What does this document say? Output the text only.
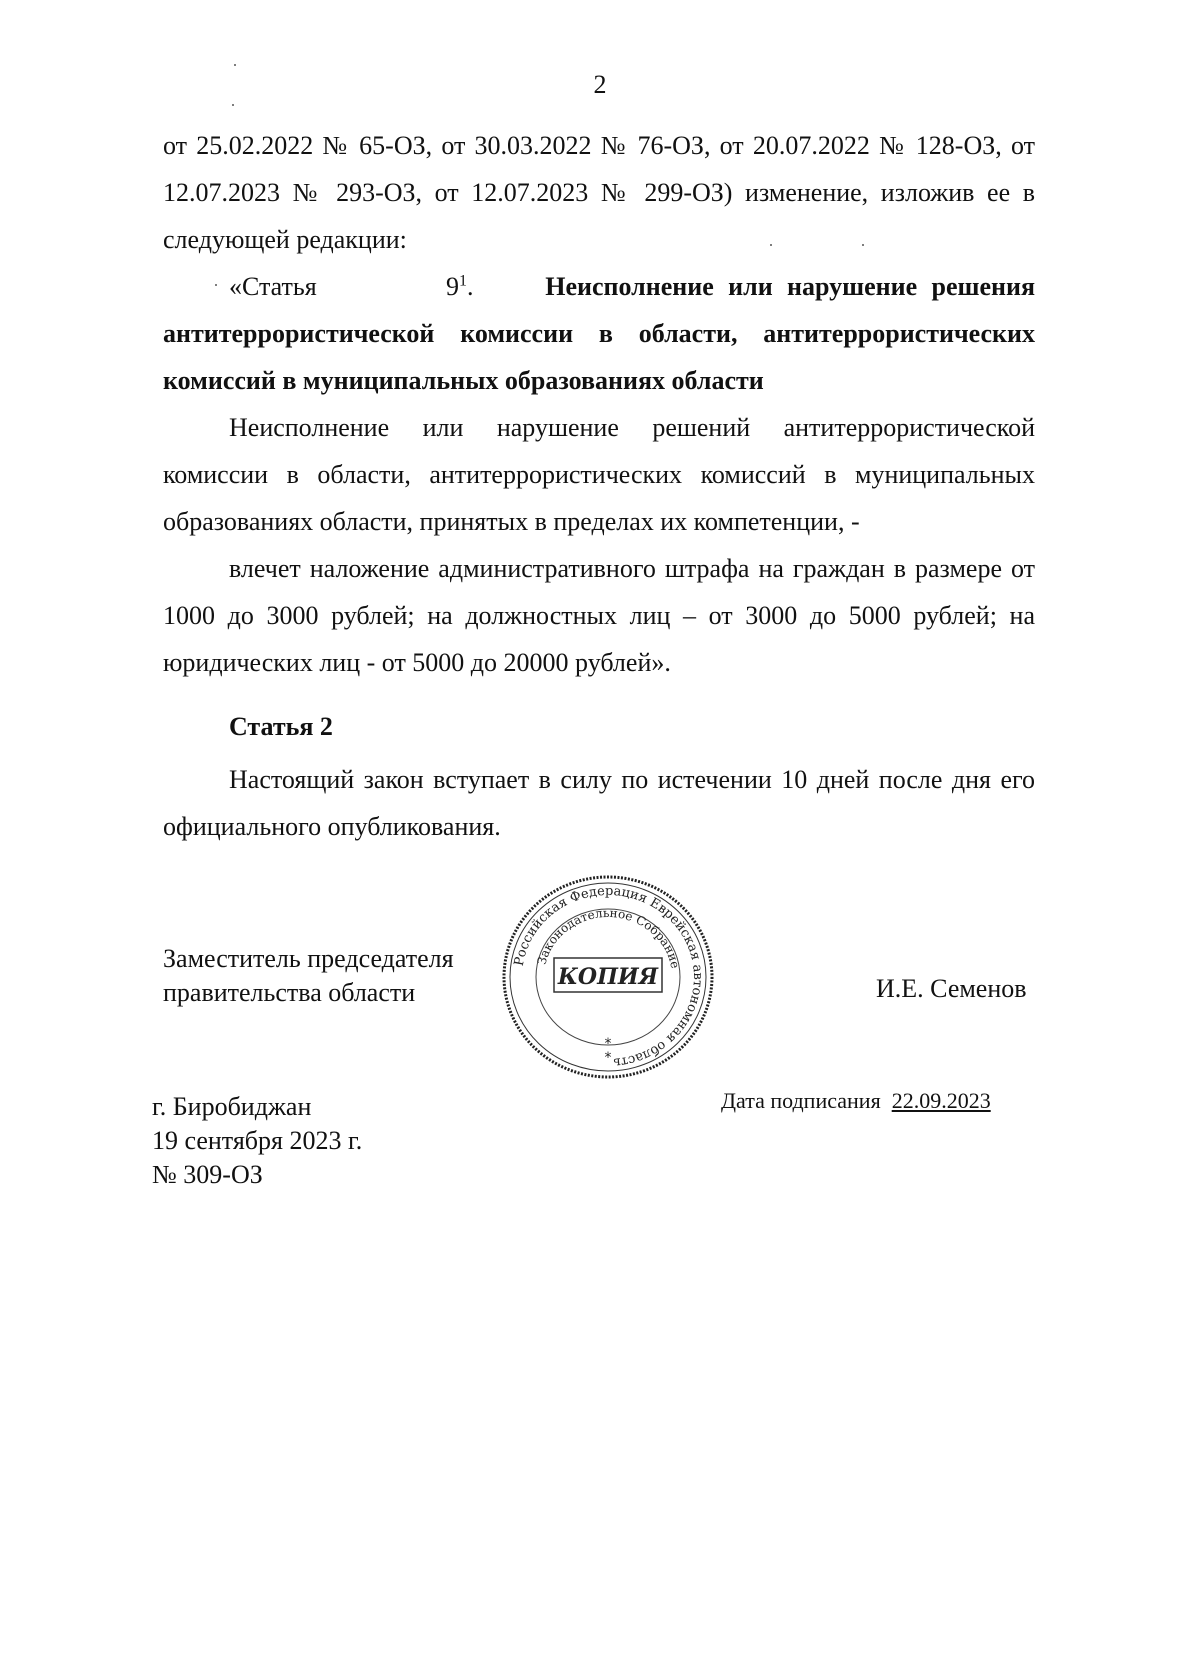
2

от 25.02.2022 № 65-ОЗ, от 30.03.2022 № 76-ОЗ, от 20.07.2022 № 128-ОЗ, от 12.07.2023 № 293-ОЗ, от 12.07.2023 № 299-ОЗ) изменение, изложив ее в следующей редакции:

«Статья	$9^1$.	Неисполнение или нарушение решения антитеррористической комиссии в области, антитеррористических комиссий в муниципальных образованиях области

Неисполнение или нарушение решений антитеррористической комиссии в области, антитеррористических комиссий в муниципальных образованиях области, принятых в пределах их компетенции, -

влечет наложение административного штрафа на граждан в размере от 1000 до 3000 рублей; на должностных лиц – от 3000 до 5000 рублей; на юридических лиц - от 5000 до 20000 рублей».

Статья 2

Настоящий закон вступает в силу по истечении 10 дней после дня его официального опубликования.

Заместитель председателя
правительства области
Российская Федерация Еврейская автономная область
Законодательное Собрание
КОПИЯ
*
*
И.Е. Семенов
г. Биробиджан
19 сентября 2023 г.
№ 309-ОЗ
Дата подписания 22.09.2023
